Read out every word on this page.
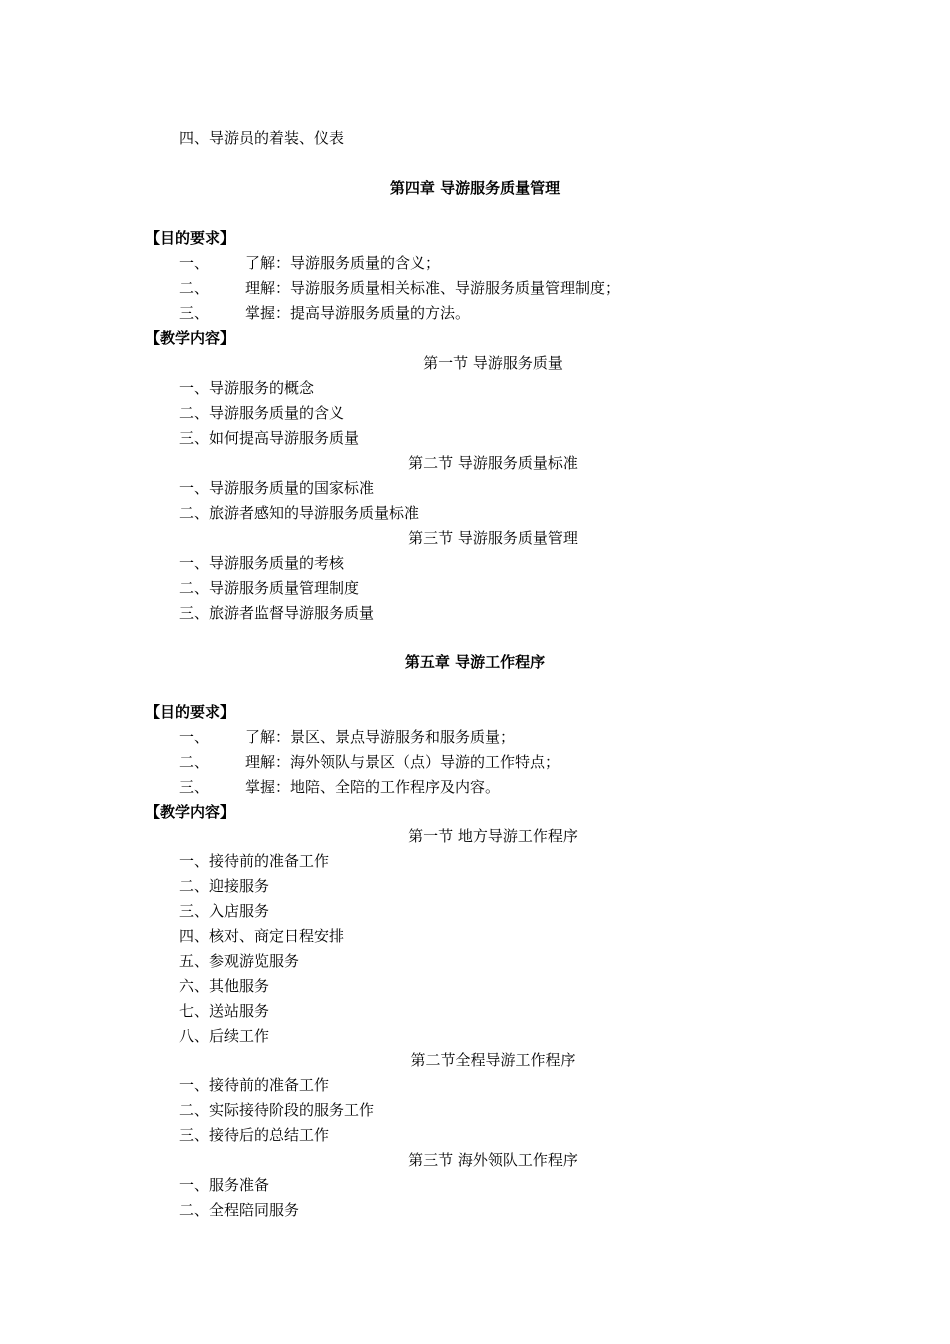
四、导游员的着装、仪表
第四章 导游服务质量管理
【目的要求】
一、 了解：导游服务质量的含义；
二、 理解：导游服务质量相关标准、导游服务质量管理制度；
三、 掌握：提高导游服务质量的方法。
【教学内容】
第一节 导游服务质量
一、导游服务的概念
二、导游服务质量的含义
三、如何提高导游服务质量
第二节 导游服务质量标准
一、导游服务质量的国家标准
二、旅游者感知的导游服务质量标准
第三节 导游服务质量管理
一、导游服务质量的考核
二、导游服务质量管理制度
三、旅游者监督导游服务质量
第五章 导游工作程序
【目的要求】
一、 了解：景区、景点导游服务和服务质量；
二、 理解：海外领队与景区（点）导游的工作特点；
三、 掌握：地陪、全陪的工作程序及内容。
【教学内容】
第一节 地方导游工作程序
一、接待前的准备工作
二、迎接服务
三、入店服务
四、核对、商定日程安排
五、参观游览服务
六、其他服务
七、送站服务
八、后续工作
第二节全程导游工作程序
一、接待前的准备工作
二、实际接待阶段的服务工作
三、接待后的总结工作
第三节 海外领队工作程序
一、服务准备
二、全程陪同服务
